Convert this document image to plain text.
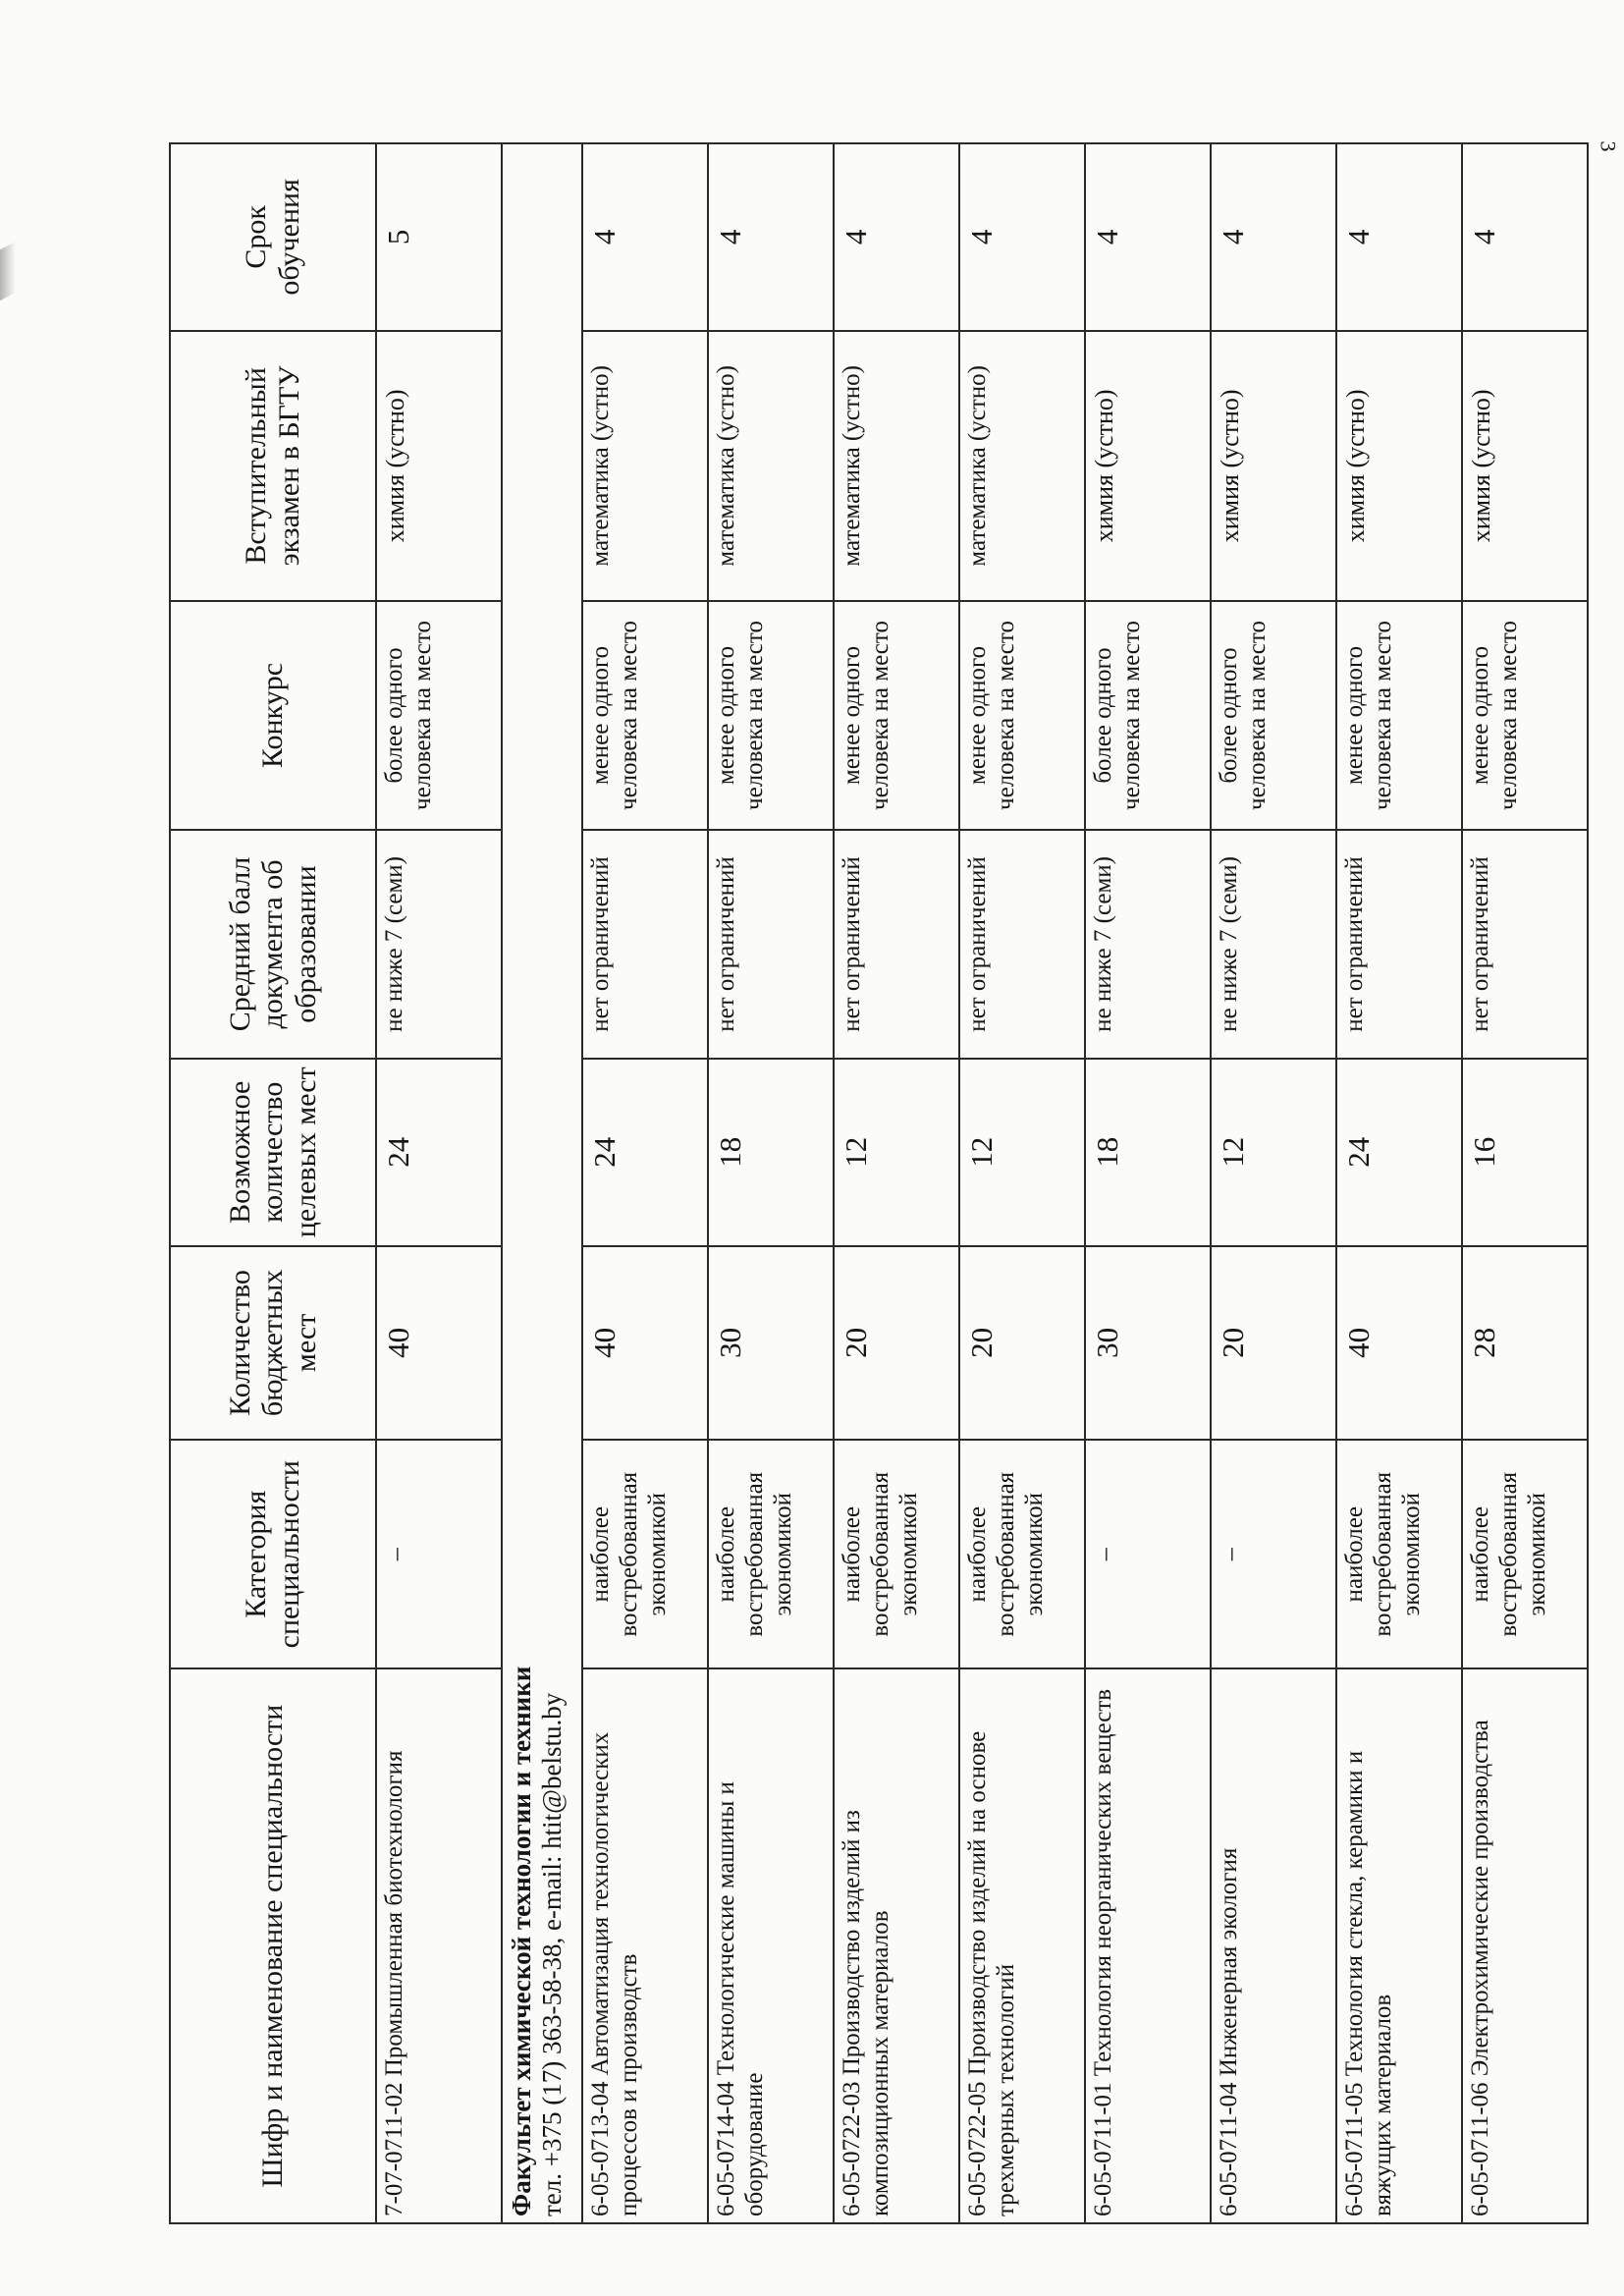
3
Шифр и наименование специальности	Категория специальности	Количество бюджетных мест	Возможное количество целевых мест	Средний балл документа об образовании	Конкурс	Вступительный экзамен в БГТУ	Срок обучения
7-07-0711-02 Промышленная биотехнология	–	40	24	не ниже 7 (семи)	более одного человека на место	химия (устно)	5

Факультет химической технологии и техники тел. +375 (17) 363-58-38, e-mail: htit@belstu.by							

6-05-0713-04 Автоматизация технологических процессов и производств	наиболее востребованная экономикой	40	24	нет ограничений	менее одного человека на место	математика (устно)	4
6-05-0714-04 Технологические машины и оборудование	наиболее востребованная экономикой	30	18	нет ограничений	менее одного человека на место	математика (устно)	4
6-05-0722-03 Производство изделий из композиционных материалов	наиболее востребованная экономикой	20	12	нет ограничений	менее одного человека на место	математика (устно)	4
6-05-0722-05 Производство изделий на основе трехмерных технологий	наиболее востребованная экономикой	20	12	нет ограничений	менее одного человека на место	математика (устно)	4
6-05-0711-01 Технология неорганических веществ	–	30	18	не ниже 7 (семи)	более одного человека на место	химия (устно)	4
6-05-0711-04 Инженерная экология	–	20	12	не ниже 7 (семи)	более одного человека на место	химия (устно)	4
6-05-0711-05 Технология стекла, керамики и вяжущих материалов	наиболее востребованная экономикой	40	24	нет ограничений	менее одного человека на место	химия (устно)	4
6-05-0711-06 Электрохимические производства	наиболее востребованная экономикой	28	16	нет ограничений	менее одного человека на место	химия (устно)	4
